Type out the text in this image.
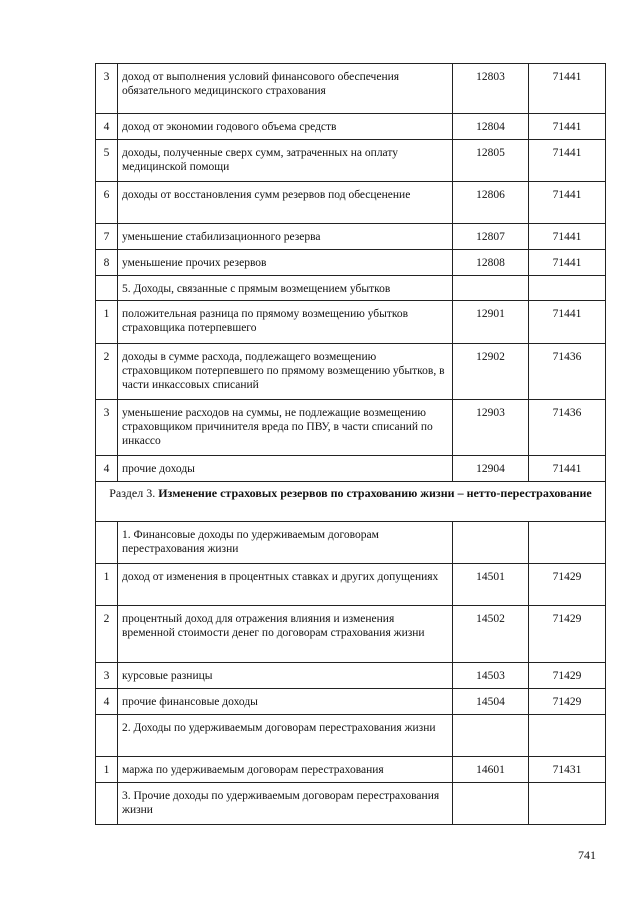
3	доход от выполнения условий финансового обеспечения обязательного медицинского страхования	12803	71441
4	доход от экономии годового объема средств	12804	71441
5	доходы, полученные сверх сумм, затраченных на оплату медицинской помощи	12805	71441
6	доходы от восстановления сумм резервов под обесценение	12806	71441
7	уменьшение стабилизационного резерва	12807	71441
8	уменьшение прочих резервов	12808	71441
	5. Доходы, связанные с прямым возмещением убытков		
1	положительная разница по прямому возмещению убытков страховщика потерпевшего	12901	71441
2	доходы в сумме расхода, подлежащего возмещению страховщиком потерпевшего по прямому возмещению убытков, в части инкассовых списаний	12902	71436
3	уменьшение расходов на суммы, не подлежащие возмещению страховщиком причинителя вреда по ПВУ, в части списаний по инкассо	12903	71436
4	прочие доходы	12904	71441
Раздел 3. Изменение страховых резервов по страхованию жизни – нетто-перестрахование			
	1. Финансовые доходы по удерживаемым договорам перестрахования жизни		
1	доход от изменения в процентных ставках и других допущениях	14501	71429
2	процентный доход для отражения влияния и изменения временной стоимости денег по договорам страхования жизни	14502	71429
3	курсовые разницы	14503	71429
4	прочие финансовые доходы	14504	71429
	2. Доходы по удерживаемым договорам перестрахования жизни		
1	маржа по удерживаемым договорам перестрахования	14601	71431
	3. Прочие доходы по удерживаемым договорам перестрахования жизни		
741
